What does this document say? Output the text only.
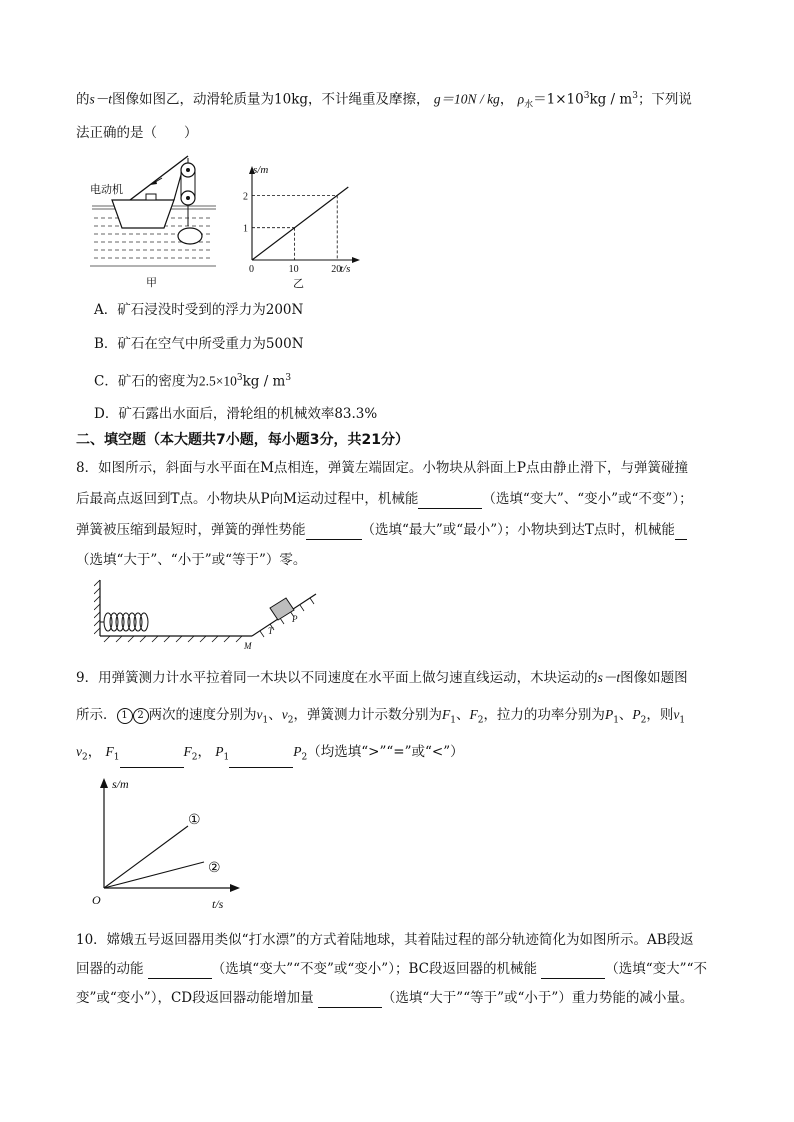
的s－t图像如图乙，动滑轮质量为10kg，不计绳重及摩擦， g＝10N / kg， $\rho_水=1\times 10^3kg / m^3$；下列说
法正确的是（　　）
电动机
甲
0	10	20
1
2
s/m
t/s
乙
A．矿石浸没时受到的浮力为200N
B．矿石在空气中所受重力为500N
C．矿石的密度为$2.5\times 10^3kg / m^3$
D．矿石露出水面后，滑轮组的机械效率83.3%
二、填空题（本大题共7小题，每小题3分，共21分）
8．如图所示，斜面与水平面在M点相连，弹簧左端固定。小物块从斜面上P点由静止滑下，与弹簧碰撞
后最高点返回到T点。小物块从P向M运动过程中，机械能	（选填“变大”、“变小”或“不变”）；
弹簧被压缩到最短时，弹簧的弹性势能	（选填“最大”或“最小”）；小物块到达T点时，机械能
（选填“大于”、“小于”或“等于”）零。
P
T
M
9．用弹簧测力计水平拉着同一木块以不同速度在水平面上做匀速直线运动，木块运动的s－t图像如题图
所示． 1 2 两次的速度分别为$v_1$、$v_2$，弹簧测力计示数分别为$F_1$、$F_2$，拉力的功率分别为$P_1$、$P_2$，则$v_1$
$v_2$， $F_1$	$F_2$， $P_1$	$P_2$（均选填“>”“=”或“<”）
s/m
t/s
O
①
②
10．嫦娥五号返回器用类似“打水漂”的方式着陆地球，其着陆过程的部分轨迹简化为如图所示。AB段返
回器的动能	（选填“变大”“不变”或“变小”）；BC段返回器的机械能	（选填“变大”“不
变”或“变小”），CD段返回器动能增加量	（选填“大于”“等于”或“小于”）重力势能的减小量。
